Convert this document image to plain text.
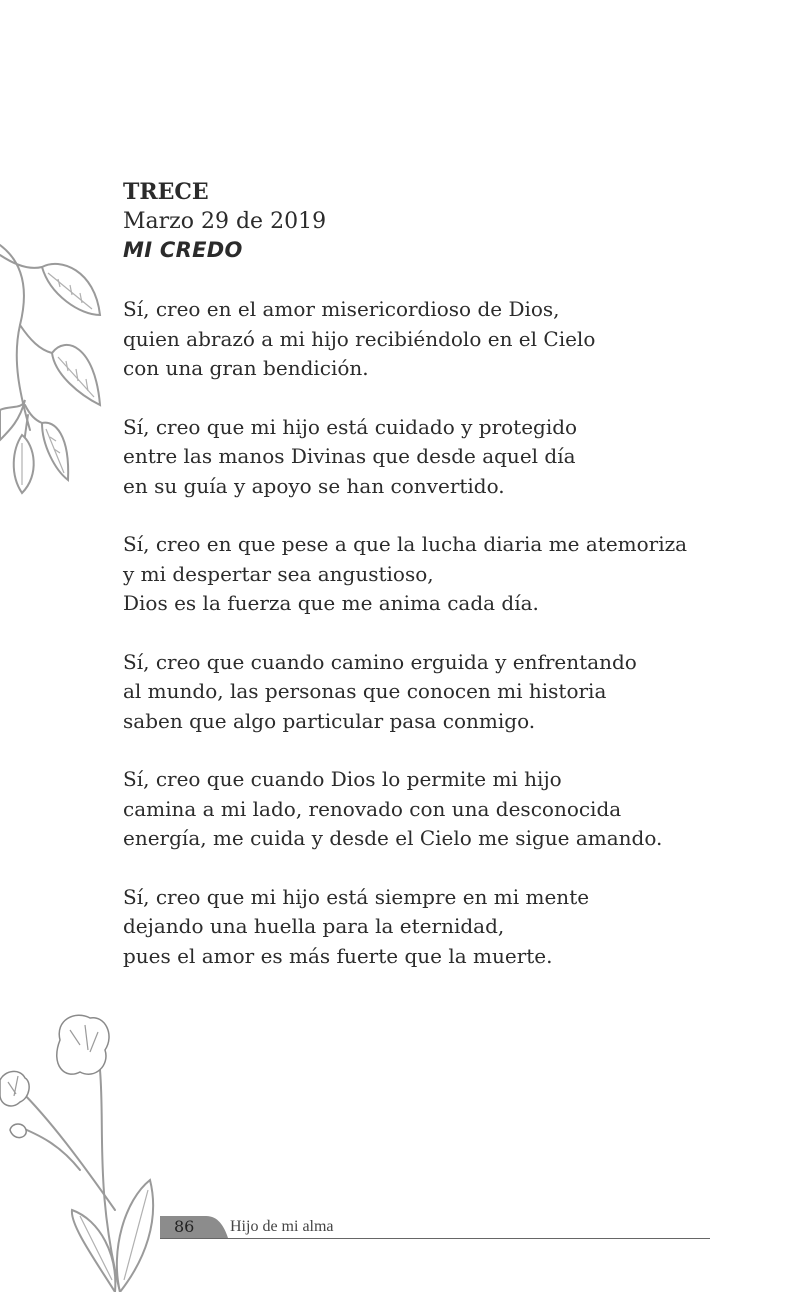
TRECE

Marzo 29 de 2019

MI CREDO

Sí, creo en el amor misericordioso de Dios,
quien abrazó a mi hijo recibiéndolo en el Cielo
con una gran bendición.

Sí, creo que mi hijo está cuidado y protegido
entre las manos Divinas que desde aquel día
en su guía y apoyo se han convertido.

Sí, creo en que pese a que la lucha diaria me atemoriza
y mi despertar sea angustioso,
Dios es la fuerza que me anima cada día.

Sí, creo que cuando camino erguida y enfrentando
al mundo, las personas que conocen mi historia
saben que algo particular pasa conmigo.

Sí, creo que cuando Dios lo permite mi hijo
camina a mi lado, renovado con una desconocida
energía, me cuida y desde el Cielo me sigue amando.

Sí, creo que mi hijo está siempre en mi mente
dejando una huella para la eternidad,
pues el amor es más fuerte que la muerte.

86 Hijo de mi alma
